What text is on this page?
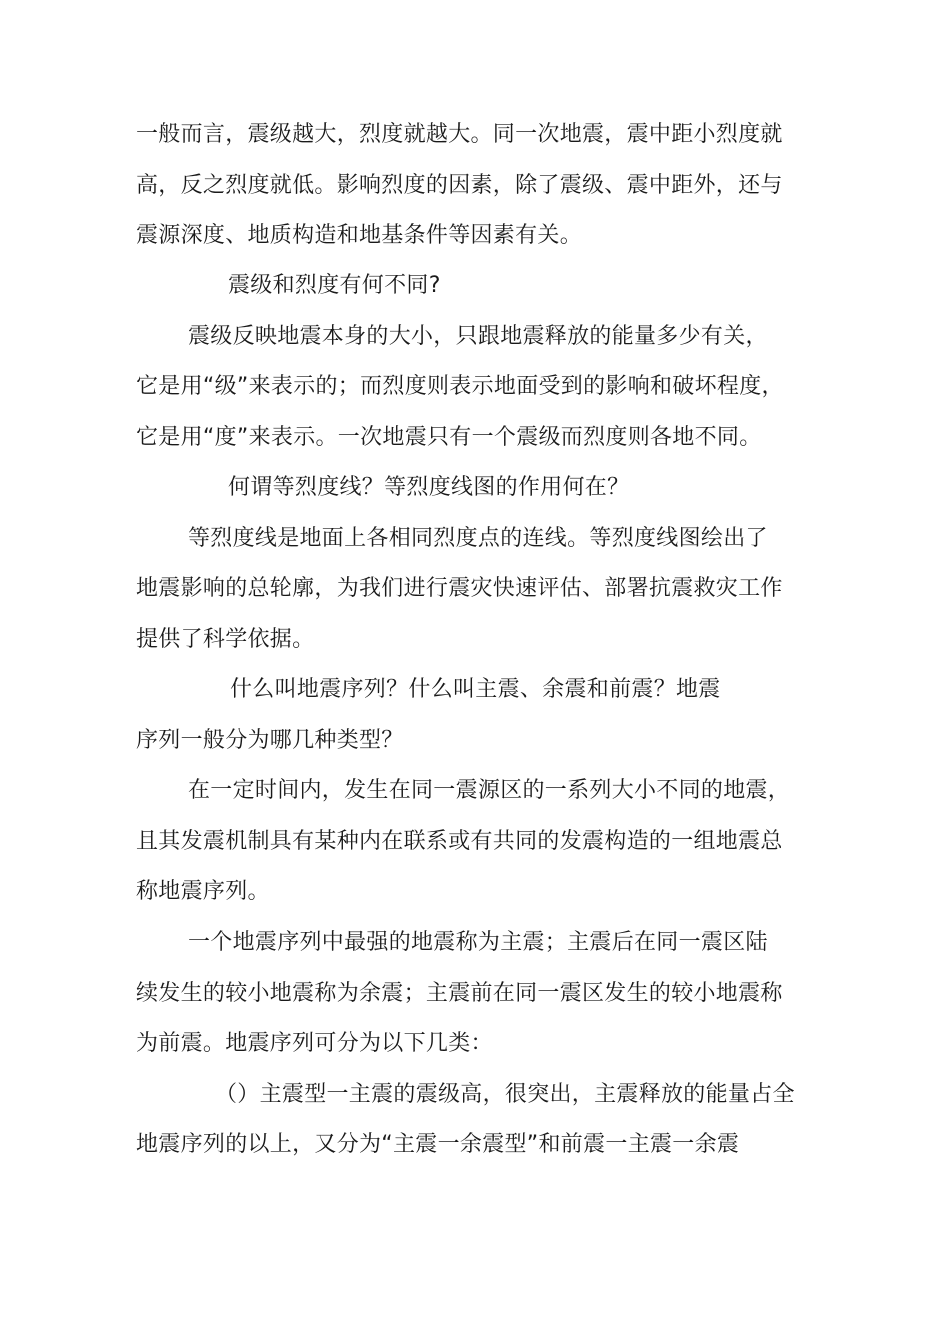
一般而言，震级越大，烈度就越大。同一次地震，震中距小烈度就
高，反之烈度就低。影响烈度的因素，除了震级、震中距外，还与
震源深度、地质构造和地基条件等因素有关。
震级和烈度有何不同?
震级反映地震本身的大小，只跟地震释放的能量多少有关，
它是用“级”来表示的；而烈度则表示地面受到的影响和破坏程度，
它是用“度”来表示。一次地震只有一个震级而烈度则各地不同。
何谓等烈度线？等烈度线图的作用何在？
等烈度线是地面上各相同烈度点的连线。等烈度线图绘出了
地震影响的总轮廓，为我们进行震灾快速评估、部署抗震救灾工作
提供了科学依据。
什么叫地震序列？什么叫主震、余震和前震？地震
序列一般分为哪几种类型？
在一定时间内，发生在同一震源区的一系列大小不同的地震，
且其发震机制具有某种内在联系或有共同的发震构造的一组地震总
称地震序列。
一个地震序列中最强的地震称为主震；主震后在同一震区陆
续发生的较小地震称为余震；主震前在同一震区发生的较小地震称
为前震。地震序列可分为以下几类：
（）主震型一主震的震级高，很突出，主震释放的能量占全
地震序列的以上，又分为“主震一余震型”和前震一主震一余震
